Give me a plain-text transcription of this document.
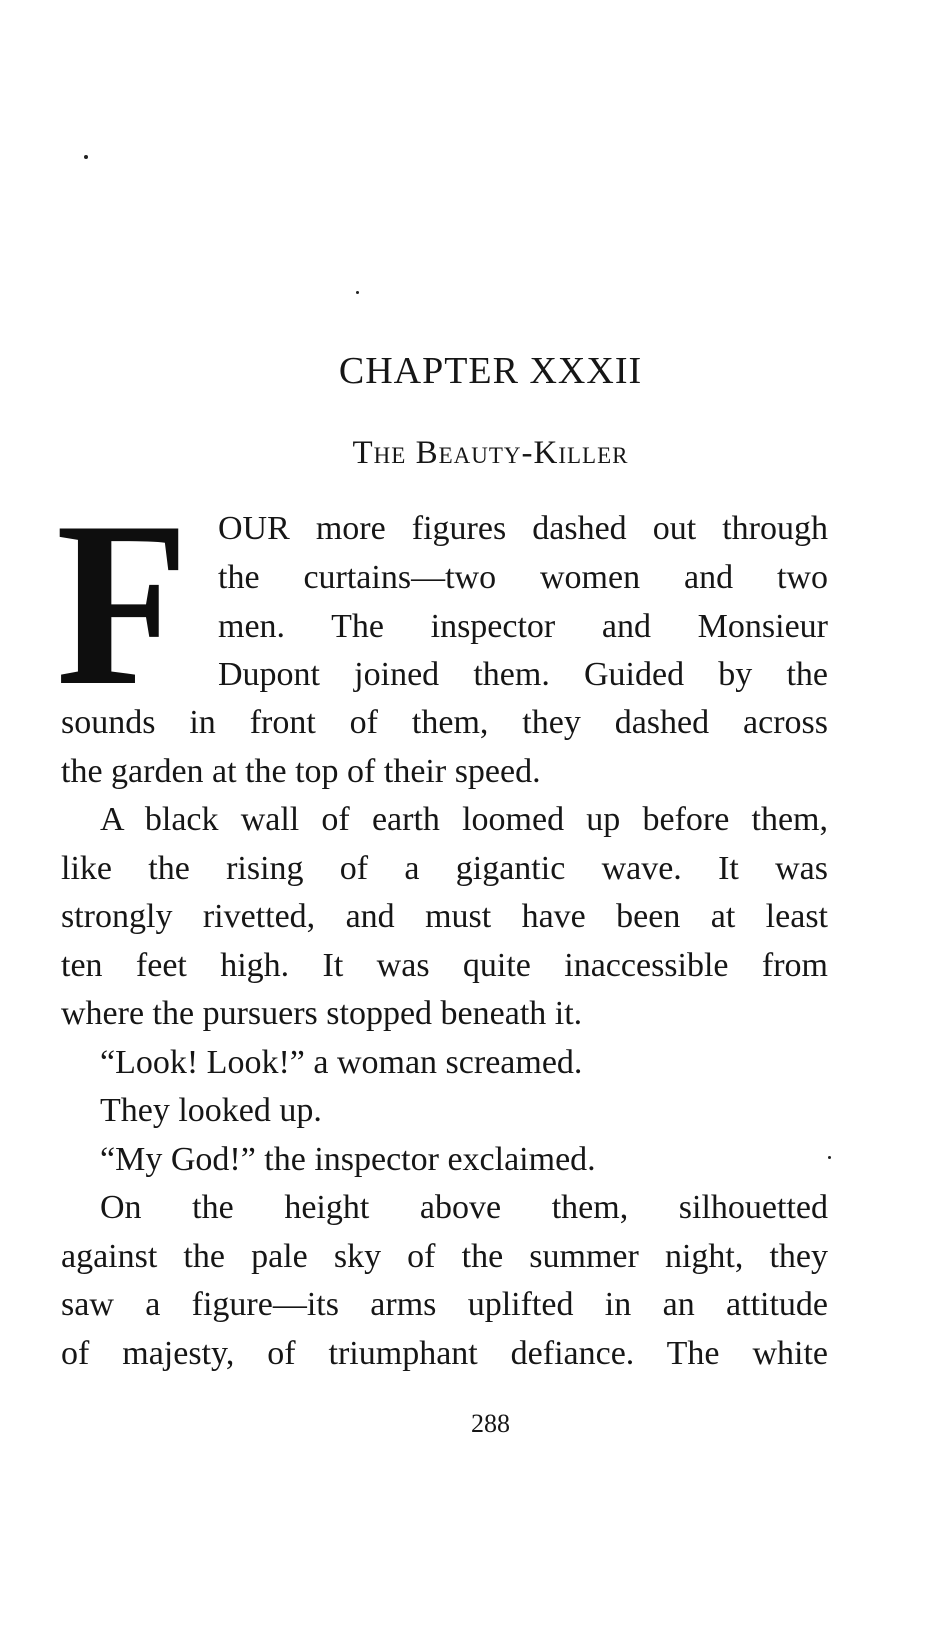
CHAPTER XXXII
The Beauty-Killer
F OUR more figures dashed out through
the curtains—two women and two
men. The inspector and Monsieur
Dupont joined them. Guided by the
sounds in front of them, they dashed across
the garden at the top of their speed.
A black wall of earth loomed up before them,
like the rising of a gigantic wave. It was
strongly rivetted, and must have been at least
ten feet high. It was quite inaccessible from
where the pursuers stopped beneath it.
“Look! Look!” a woman screamed.
They looked up.
“My God!” the inspector exclaimed.
On the height above them, silhouetted
against the pale sky of the summer night, they
saw a figure—its arms uplifted in an attitude
of majesty, of triumphant defiance. The white
288
